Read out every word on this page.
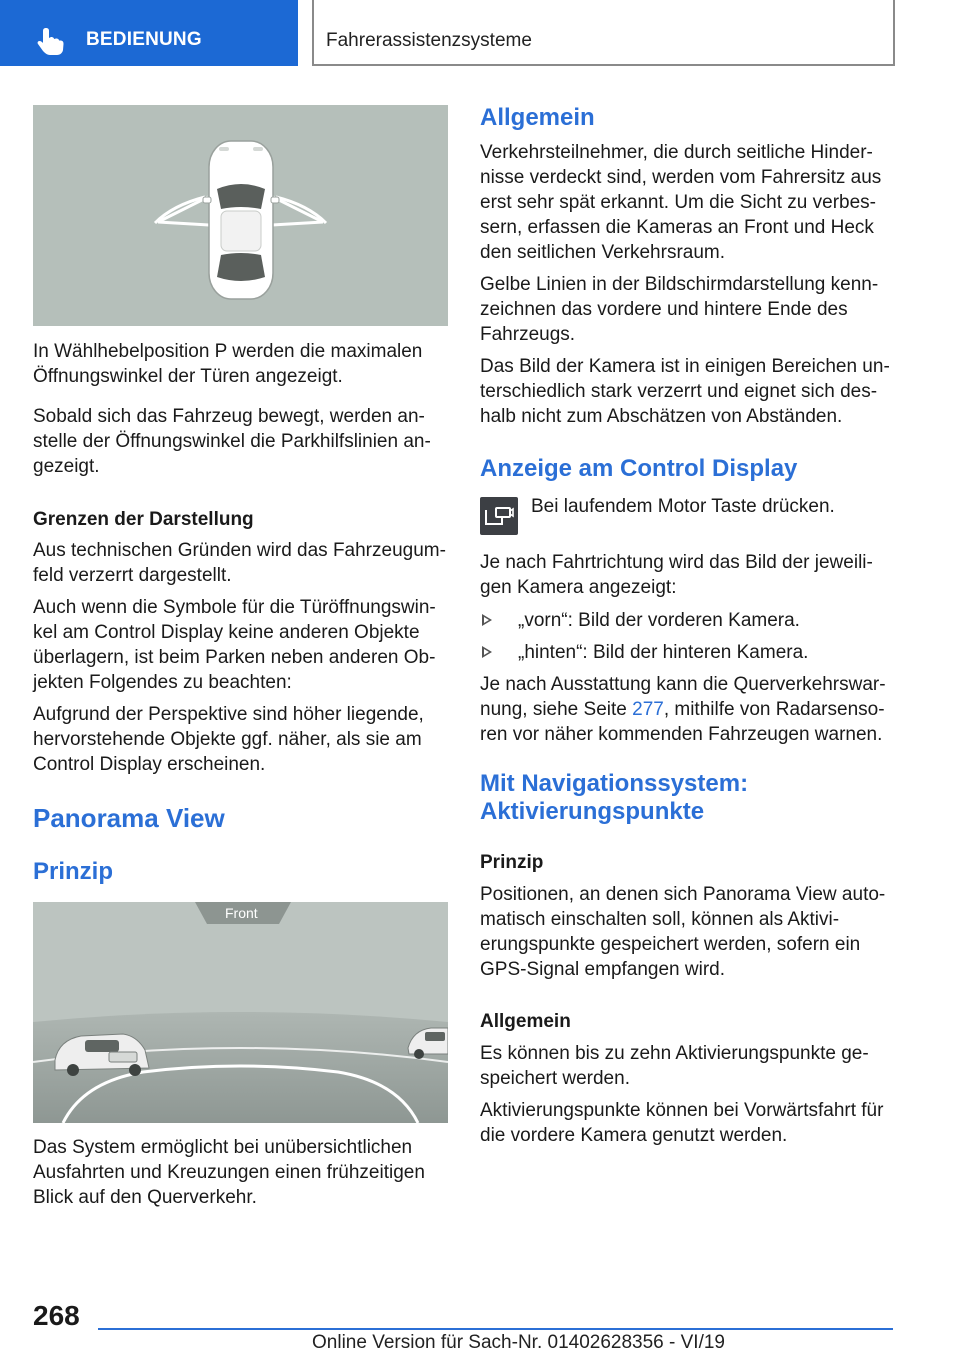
BEDIENUNG	Fahrerassistenzsysteme
In Wählhebelposition P werden die maximalen
Öffnungswinkel der Türen angezeigt.
Sobald sich das Fahrzeug bewegt, werden an-
stelle der Öffnungswinkel die Parkhilfslinien an-
gezeigt.
Grenzen der Darstellung
Aus technischen Gründen wird das Fahrzeugum-
feld verzerrt dargestellt.
Auch wenn die Symbole für die Türöffnungswin-
kel am Control Display keine anderen Objekte
überlagern, ist beim Parken neben anderen Ob-
jekten Folgendes zu beachten:
Aufgrund der Perspektive sind höher liegende,
hervorstehende Objekte ggf. näher, als sie am
Control Display erscheinen.
Panorama View
Prinzip
Front
Das System ermöglicht bei unübersichtlichen
Ausfahrten und Kreuzungen einen frühzeitigen
Blick auf den Querverkehr.
Allgemein
Verkehrsteilnehmer, die durch seitliche Hinder-
nisse verdeckt sind, werden vom Fahrersitz aus
erst sehr spät erkannt. Um die Sicht zu verbes-
sern, erfassen die Kameras an Front und Heck
den seitlichen Verkehrsraum.
Gelbe Linien in der Bildschirmdarstellung kenn-
zeichnen das vordere und hintere Ende des
Fahrzeugs.
Das Bild der Kamera ist in einigen Bereichen un-
terschiedlich stark verzerrt und eignet sich des-
halb nicht zum Abschätzen von Abständen.
Anzeige am Control Display
Bei laufendem Motor Taste drücken.
Je nach Fahrtrichtung wird das Bild der jeweili-
gen Kamera angezeigt:
„vorn“: Bild der vorderen Kamera.
„hinten“: Bild der hinteren Kamera.
Je nach Ausstattung kann die Querverkehrswar-
nung, siehe Seite 277, mithilfe von Radarsenso-
ren vor näher kommenden Fahrzeugen warnen.
Mit Navigationssystem:
Aktivierungspunkte
Prinzip
Positionen, an denen sich Panorama View auto-
matisch einschalten soll, können als Aktivi-
erungspunkte gespeichert werden, sofern ein
GPS-Signal empfangen wird.
Allgemein
Es können bis zu zehn Aktivierungspunkte ge-
speichert werden.
Aktivierungspunkte können bei Vorwärtsfahrt für
die vordere Kamera genutzt werden.
268
Online Version für Sach-Nr. 01402628356 - VI/19
